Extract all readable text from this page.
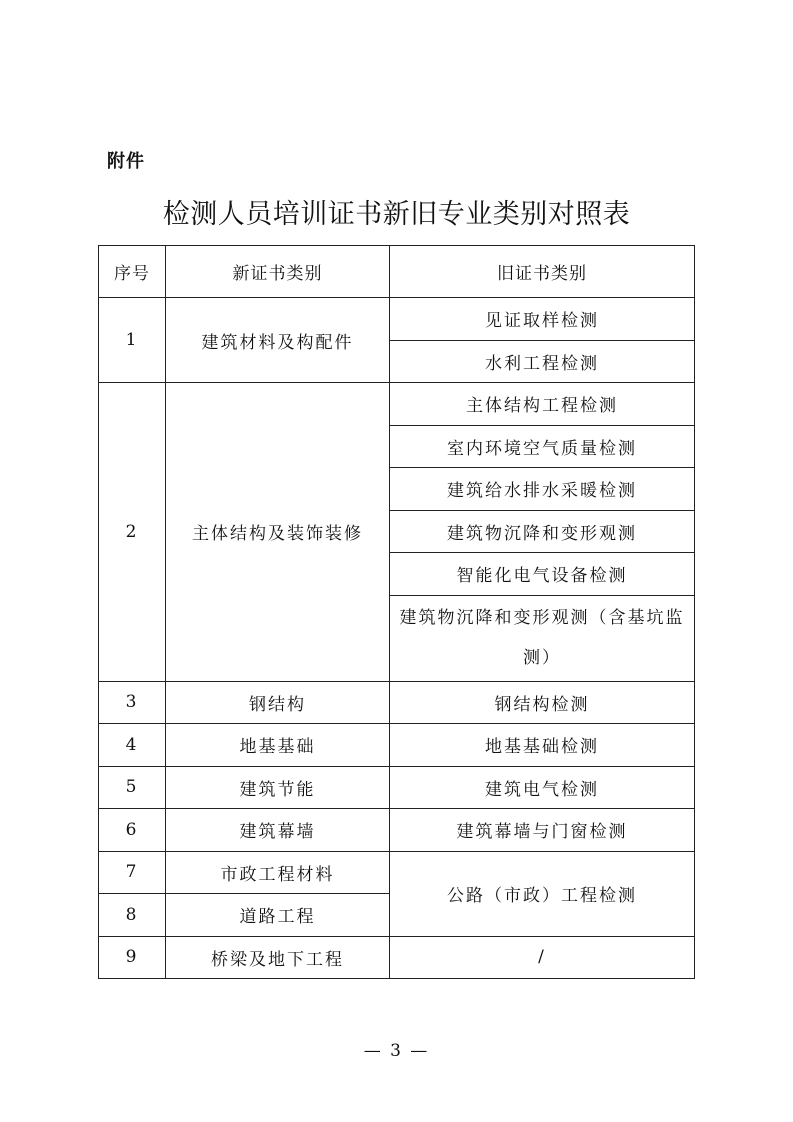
附件
检测人员培训证书新旧专业类别对照表
序号	新证书类别	旧证书类别
1	建筑材料及构配件	见证取样检测
		水利工程检测
2	主体结构及装饰装修	主体结构工程检测
		室内环境空气质量检测
		建筑给水排水采暖检测
		建筑物沉降和变形观测
		智能化电气设备检测
		建筑物沉降和变形观测（含基坑监测）
3	钢结构	钢结构检测
4	地基基础	地基基础检测
5	建筑节能	建筑电气检测
6	建筑幕墙	建筑幕墙与门窗检测
7	市政工程材料	公路（市政）工程检测
8	道路工程	
9	桥梁及地下工程	/
— 3 —
